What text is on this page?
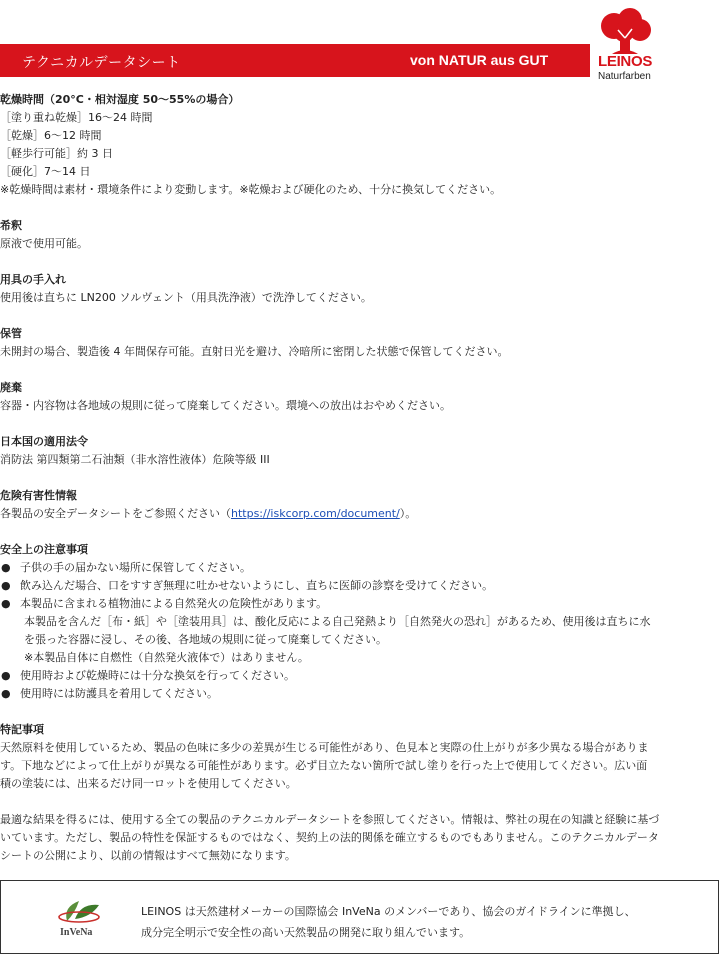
テクニカルデータシート	von NATUR aus GUT	LEINOS
Naturfarben
乾燥時間（20°C・相対湿度 50〜55%の場合）
［塗り重ね乾燥］16〜24 時間
［乾燥］6〜12 時間
［軽歩行可能］約 3 日
［硬化］7〜14 日
※乾燥時間は素材・環境条件により変動します。※乾燥および硬化のため、十分に換気してください。
希釈
原液で使用可能。
用具の手入れ
使用後は直ちに LN200 ソルヴェント（用具洗浄液）で洗浄してください。
保管
未開封の場合、製造後 4 年間保存可能。直射日光を避け、冷暗所に密閉した状態で保管してください。
廃棄
容器・内容物は各地域の規則に従って廃棄してください。環境への放出はおやめください。
日本国の適用法令
消防法 第四類第二石油類（非水溶性液体）危険等級 III
危険有害性情報
各製品の安全データシートをご参照ください（https://iskcorp.com/document/）。
安全上の注意事項
● 子供の手の届かない場所に保管してください。
● 飲み込んだ場合、口をすすぎ無理に吐かせないようにし、直ちに医師の診察を受けてください。
● 本製品に含まれる植物油による自然発火の危険性があります。
本製品を含んだ［布・紙］や［塗装用具］は、酸化反応による自己発熱より［自然発火の恐れ］があるため、使用後は直ちに水
を張った容器に浸し、その後、各地域の規則に従って廃棄してください。
※本製品自体に自燃性（自然発火液体で）はありません。
● 使用時および乾燥時には十分な換気を行ってください。
● 使用時には防護具を着用してください。
特記事項
天然原料を使用しているため、製品の色味に多少の差異が生じる可能性があり、色見本と実際の仕上がりが多少異なる場合がありま
す。下地などによって仕上がりが異なる可能性があります。必ず目立たない箇所で試し塗りを行った上で使用してください。広い面
積の塗装には、出来るだけ同一ロットを使用してください。
最適な結果を得るには、使用する全ての製品のテクニカルデータシートを参照してください。情報は、弊社の現在の知識と経験に基づ
いています。ただし、製品の特性を保証するものではなく、契約上の法的関係を確立するものでもありません。このテクニカルデータ
シートの公開により、以前の情報はすべて無効になります。
InVeNa
LEINOS は天然建材メーカーの国際協会 InVeNa のメンバーであり、協会のガイドラインに準拠し、
成分完全明示で安全性の高い天然製品の開発に取り組んでいます。
